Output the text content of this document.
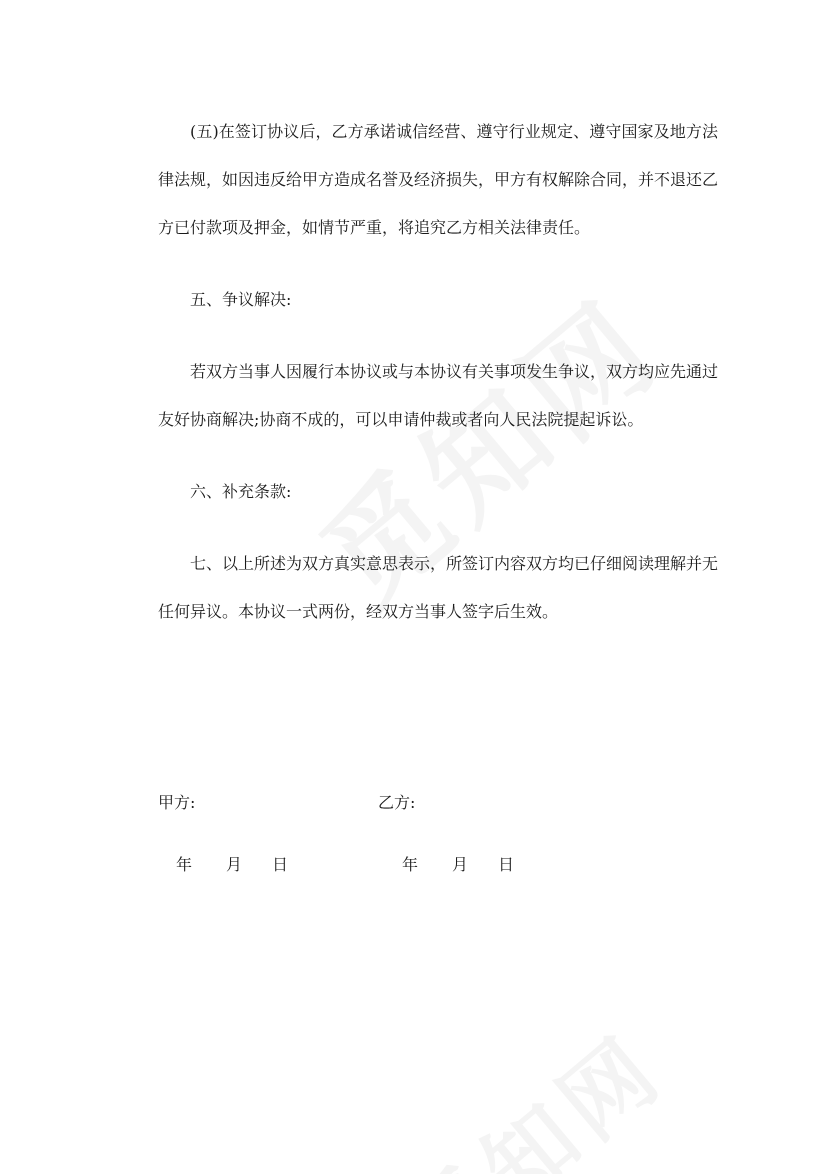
(五)在签订协议后，乙方承诺诚信经营、遵守行业规定、遵守国家及地方法律法规，如因违反给甲方造成名誉及经济损失，甲方有权解除合同，并不退还乙方已付款项及押金，如情节严重，将追究乙方相关法律责任。

五、争议解决:

若双方当事人因履行本协议或与本协议有关事项发生争议，双方均应先通过友好协商解决;协商不成的，可以申请仲裁或者向人民法院提起诉讼。

六、补充条款:

七、以上所述为双方真实意思表示，所签订内容双方均已仔细阅读理解并无任何异议。本协议一式两份，经双方当事人签字后生效。

甲方:	乙方:
年 月 日	年 月 日
